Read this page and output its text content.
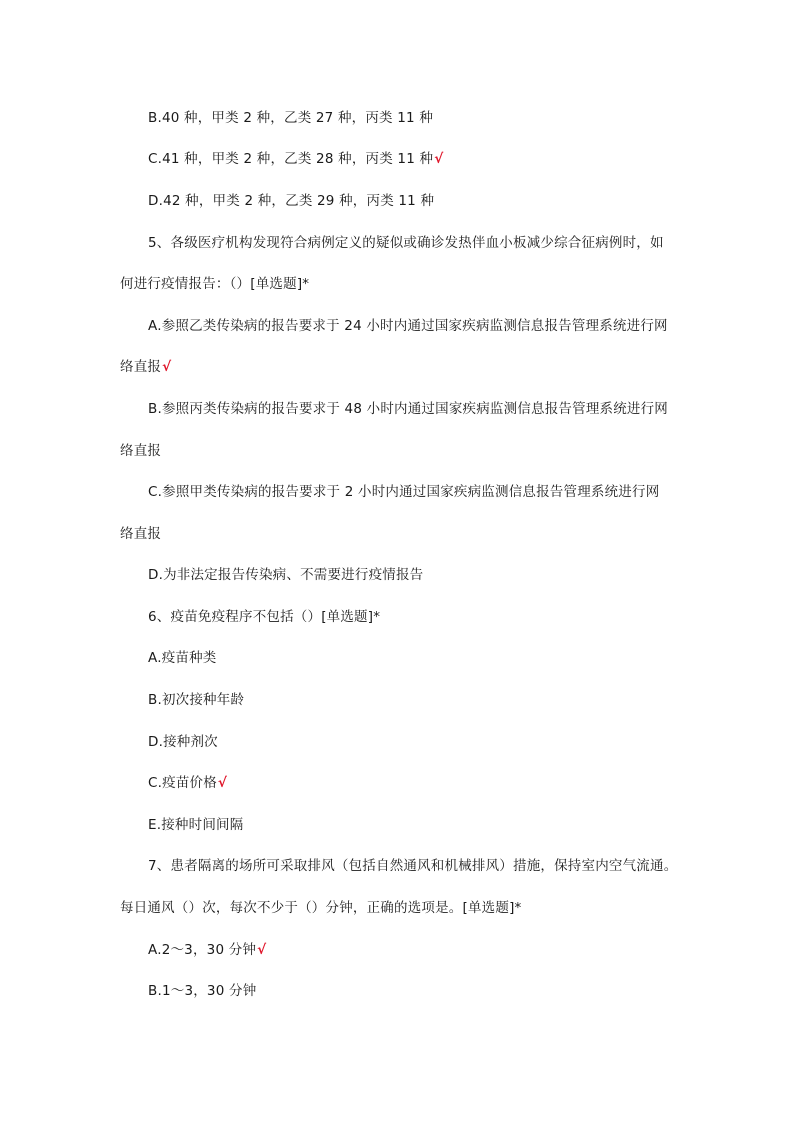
B.40 种，甲类 2 种，乙类 27 种，丙类 11 种
C.41 种，甲类 2 种，乙类 28 种，丙类 11 种√
D.42 种，甲类 2 种，乙类 29 种，丙类 11 种
5、各级医疗机构发现符合病例定义的疑似或确诊发热伴血小板减少综合征病例时，如
何进行疫情报告：（）[单选题]*
A.参照乙类传染病的报告要求于 24 小时内通过国家疾病监测信息报告管理系统进行网
络直报√
B.参照丙类传染病的报告要求于 48 小时内通过国家疾病监测信息报告管理系统进行网
络直报
C.参照甲类传染病的报告要求于 2 小时内通过国家疾病监测信息报告管理系统进行网
络直报
D.为非法定报告传染病、不需要进行疫情报告
6、疫苗免疫程序不包括（）[单选题]*
A.疫苗种类
B.初次接种年龄
D.接种剂次
C.疫苗价格√
E.接种时间间隔
7、患者隔离的场所可采取排风（包括自然通风和机械排风）措施，保持室内空气流通。
每日通风（）次，每次不少于（）分钟，正确的选项是。[单选题]*
A.2～3，30 分钟√
B.1～3，30 分钟
